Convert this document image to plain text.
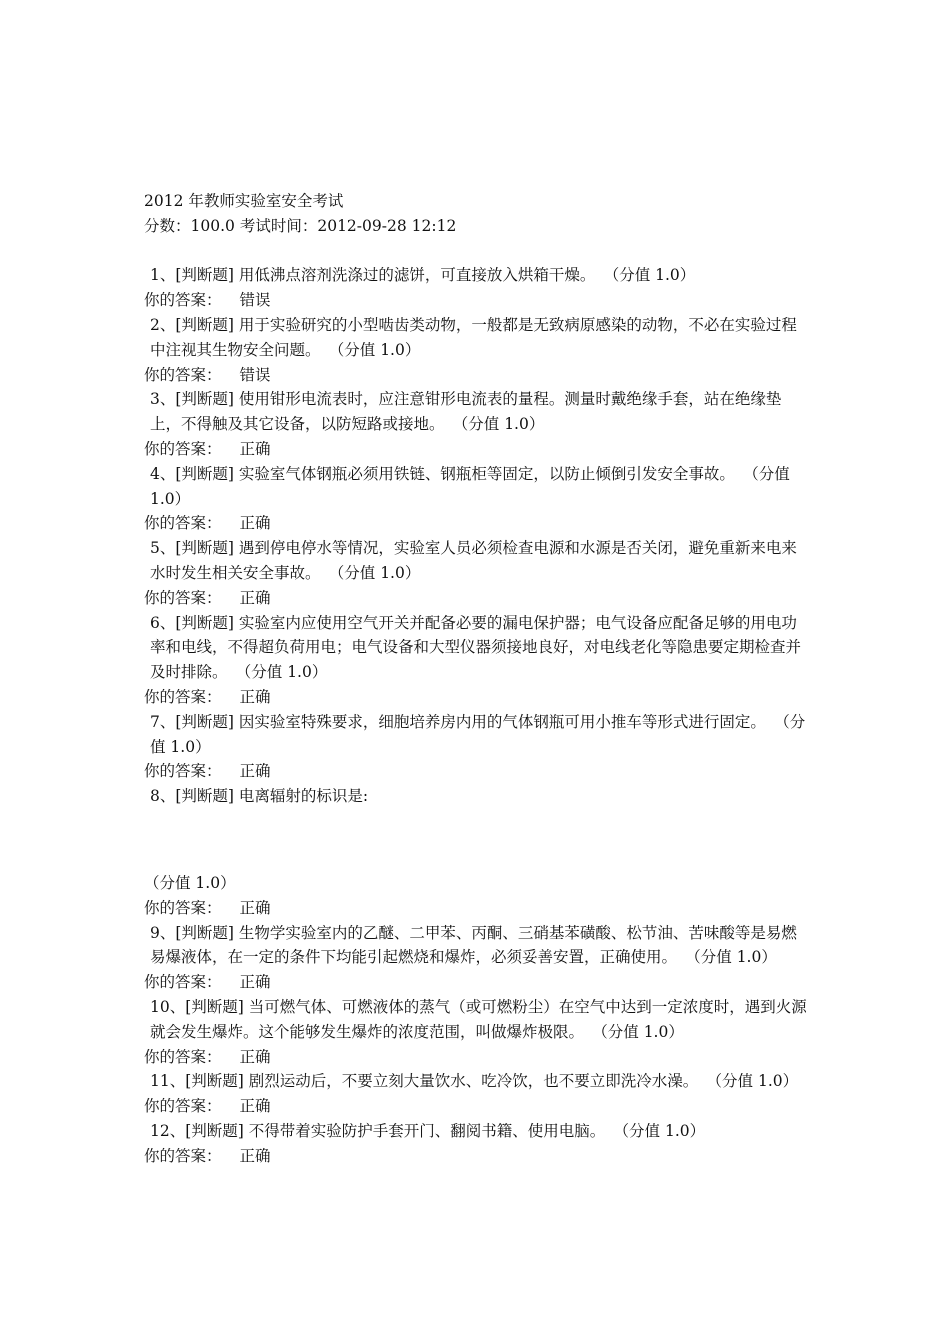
2012 年教师实验室安全考试

分数：100.0 考试时间：2012-09-28 12:12

1、[判断题] 用低沸点溶剂洗涤过的滤饼，可直接放入烘箱干燥。 （分值 1.0）

你的答案： 错误

2、[判断题] 用于实验研究的小型啮齿类动物，一般都是无致病原感染的动物，不必在实验过程中注视其生物安全问题。 （分值 1.0）

你的答案： 错误

3、[判断题] 使用钳形电流表时，应注意钳形电流表的量程。测量时戴绝缘手套，站在绝缘垫上，不得触及其它设备，以防短路或接地。 （分值 1.0）

你的答案： 正确

4、[判断题] 实验室气体钢瓶必须用铁链、钢瓶柜等固定，以防止倾倒引发安全事故。 （分值 1.0）

你的答案： 正确

5、[判断题] 遇到停电停水等情况，实验室人员必须检查电源和水源是否关闭，避免重新来电来水时发生相关安全事故。 （分值 1.0）

你的答案： 正确

6、[判断题] 实验室内应使用空气开关并配备必要的漏电保护器；电气设备应配备足够的用电功率和电线，不得超负荷用电；电气设备和大型仪器须接地良好，对电线老化等隐患要定期检查并及时排除。 （分值 1.0）

你的答案： 正确

7、[判断题] 因实验室特殊要求，细胞培养房内用的气体钢瓶可用小推车等形式进行固定。 （分值 1.0）

你的答案： 正确

8、[判断题] 电离辐射的标识是:

（分值 1.0）

你的答案： 正确

9、[判断题] 生物学实验室内的乙醚、二甲苯、丙酮、三硝基苯磺酸、松节油、苦味酸等是易燃易爆液体，在一定的条件下均能引起燃烧和爆炸，必须妥善安置，正确使用。 （分值 1.0）

你的答案： 正确

10、[判断题] 当可燃气体、可燃液体的蒸气（或可燃粉尘）在空气中达到一定浓度时，遇到火源就会发生爆炸。这个能够发生爆炸的浓度范围，叫做爆炸极限。 （分值 1.0）

你的答案： 正确

11、[判断题] 剧烈运动后，不要立刻大量饮水、吃冷饮，也不要立即洗冷水澡。 （分值 1.0）

你的答案： 正确

12、[判断题] 不得带着实验防护手套开门、翻阅书籍、使用电脑。 （分值 1.0）

你的答案： 正确
